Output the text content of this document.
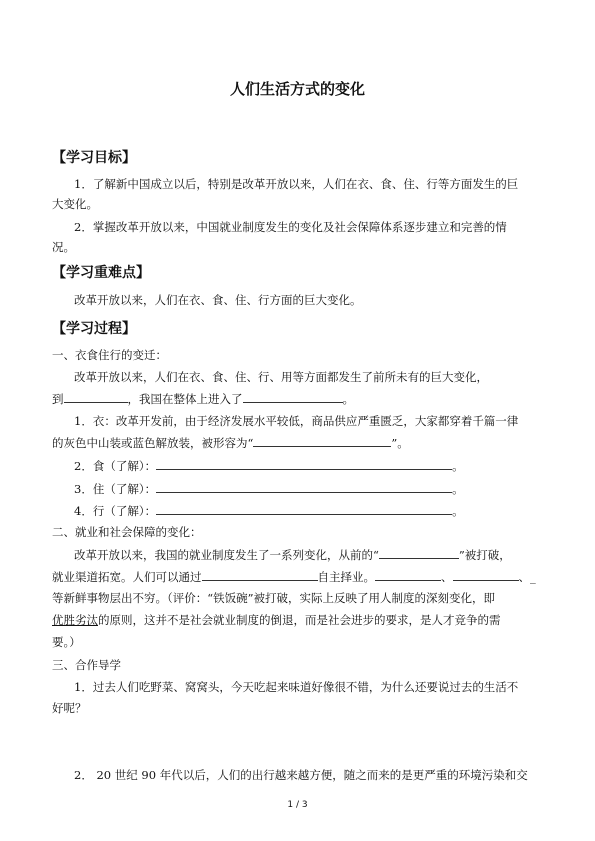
人们生活方式的变化
【学习目标】
1．了解新中国成立以后，特别是改革开放以来，人们在衣、食、住、行等方面发生的巨
大变化。
2．掌握改革开放以来，中国就业制度发生的变化及社会保障体系逐步建立和完善的情
况。
【学习重难点】
改革开放以来，人们在衣、食、住、行方面的巨大变化。
【学习过程】
一、衣食住行的变迁：
改革开放以来，人们在衣、食、住、行、用等方面都发生了前所未有的巨大变化，
到	，我国在整体上进入了	。
1．衣：改革开发前，由于经济发展水平较低，商品供应严重匮乏，大家都穿着千篇一律
的灰色中山装或蓝色解放装，被形容为“	”。
2．食（了解）：	。
3．住（了解）：	。
4．行（了解）：	。
二、就业和社会保障的变化：
改革开放以来，我国的就业制度发生了一系列变化，从前的“	”被打破，
就业渠道拓宽。人们可以通过	自主择业。	、	、_
等新鲜事物层出不穷。（评价：“铁饭碗”被打破，实际上反映了用人制度的深刻变化，即
优胜劣汰的原则，这并不是社会就业制度的倒退，而是社会进步的要求，是人才竞争的需
要。）
三、合作导学
1．过去人们吃野菜、窝窝头，今天吃起来味道好像很不错，为什么还要说过去的生活不
好呢？
2． 20 世纪 90 年代以后，人们的出行越来越方便，随之而来的是更严重的环境污染和交
1 / 3
